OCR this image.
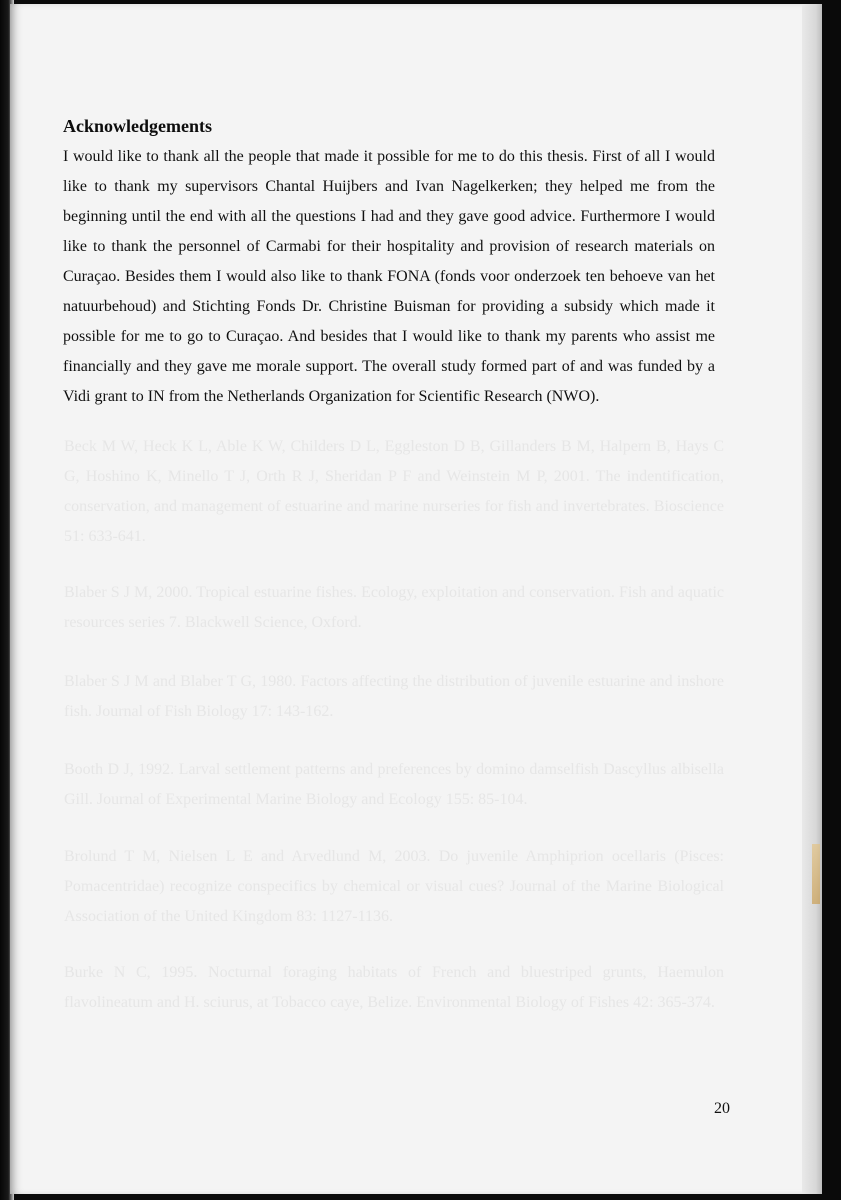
Beck M W, Heck K L, Able K W, Childers D L, Eggleston D B, Gillanders B M, Halpern B, Hays C G, Hoshino K, Minello T J, Orth R J, Sheridan P F and Weinstein M P, 2001. The indentification, conservation, and management of estuarine and marine nurseries for fish and invertebrates. Bioscience 51: 633-641.
Blaber S J M, 2000. Tropical estuarine fishes. Ecology, exploitation and conservation. Fish and aquatic resources series 7. Blackwell Science, Oxford.
Blaber S J M and Blaber T G, 1980. Factors affecting the distribution of juvenile estuarine and inshore fish. Journal of Fish Biology 17: 143-162.
Booth D J, 1992. Larval settlement patterns and preferences by domino damselfish Dascyllus albisella Gill. Journal of Experimental Marine Biology and Ecology 155: 85-104.
Brolund T M, Nielsen L E and Arvedlund M, 2003. Do juvenile Amphiprion ocellaris (Pisces: Pomacentridae) recognize conspecifics by chemical or visual cues? Journal of the Marine Biological Association of the United Kingdom 83: 1127-1136.
Burke N C, 1995. Nocturnal foraging habitats of French and bluestriped grunts, Haemulon flavolineatum and H. sciurus, at Tobacco caye, Belize. Environmental Biology of Fishes 42: 365-374.
Acknowledgements

I would like to thank all the people that made it possible for me to do this thesis. First of all I would like to thank my supervisors Chantal Huijbers and Ivan Nagelkerken; they helped me from the beginning until the end with all the questions I had and they gave good advice. Furthermore I would like to thank the personnel of Carmabi for their hospitality and provision of research materials on Curaçao. Besides them I would also like to thank FONA (fonds voor onderzoek ten behoeve van het natuurbehoud) and Stichting Fonds Dr. Christine Buisman for providing a subsidy which made it possible for me to go to Curaçao. And besides that I would like to thank my parents who assist me financially and they gave me morale support. The overall study formed part of and was funded by a Vidi grant to IN from the Netherlands Organization for Scientific Research (NWO).

20
